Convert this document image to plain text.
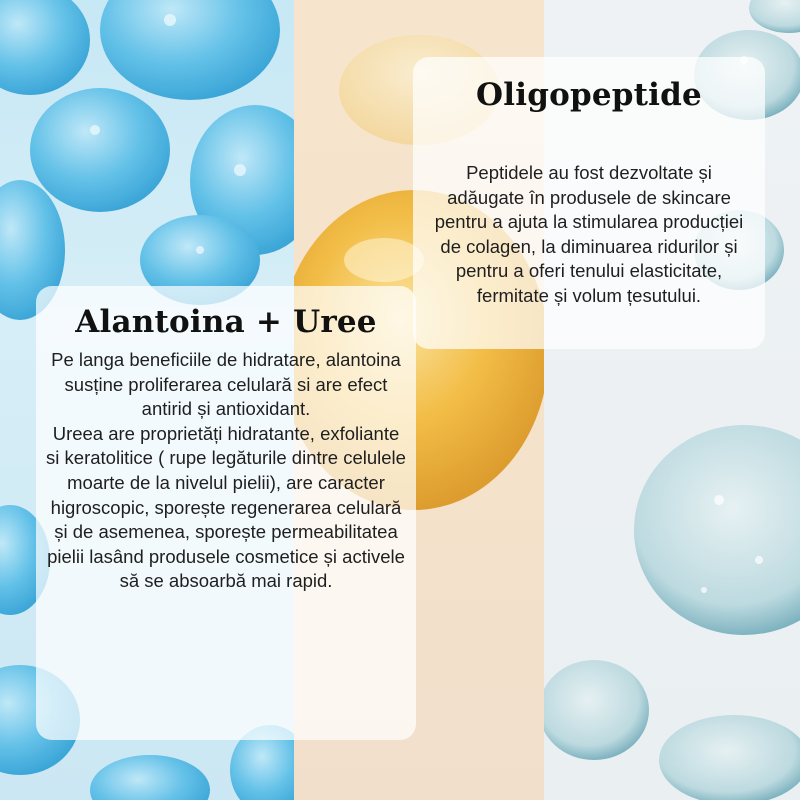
Oligopeptide
Peptidele au fost dezvoltate și adăugate în produsele de skincare pentru a ajuta la stimularea producției de colagen, la diminuarea ridurilor și pentru a oferi tenului elasticitate, fermitate și volum țesutului.
Alantoina + Uree

Pe langa beneficiile de hidratare, alantoina susține proliferarea celulară si are efect antirid și antioxidant.

Ureea are proprietăți hidratante, exfoliante si keratolitice ( rupe legăturile dintre celulele moarte de la nivelul pielii), are caracter higroscopic, sporește regenerarea celulară și de asemenea, sporește permeabilitatea pielii lasând produsele cosmetice și activele să se absoarbă mai rapid.
